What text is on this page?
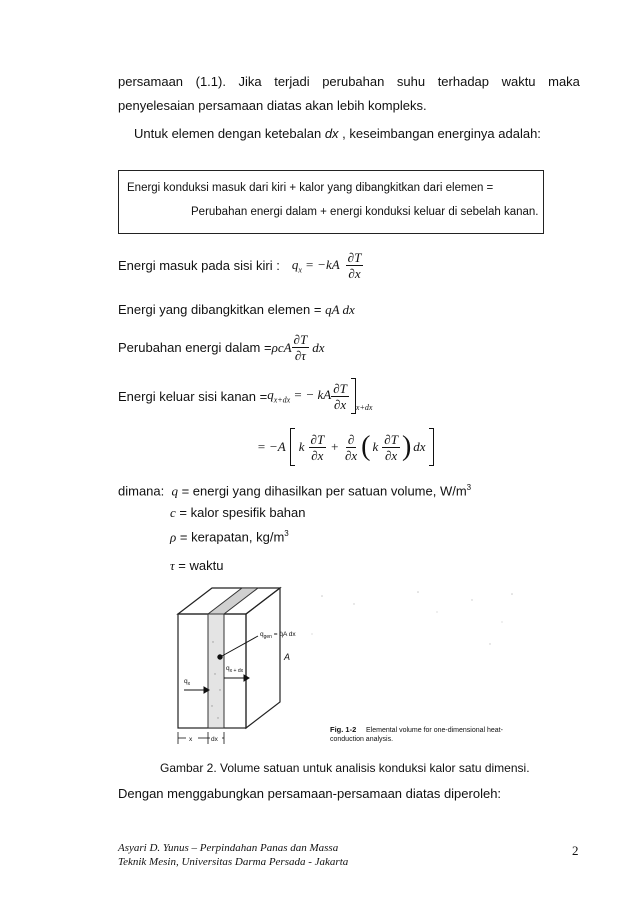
persamaan (1.1). Jika terjadi perubahan suhu terhadap waktu maka
penyelesaian persamaan diatas akan lebih kompleks.
Untuk elemen dengan ketebalan dx , keseimbangan energinya adalah:
Energi konduksi masuk dari kiri + kalor yang dibangkitkan dari elemen =
Perubahan energi dalam + energi konduksi keluar di sebelah kanan.
Energi masuk pada sisi kiri : $q_x = -kA \frac{\partial T}{\partial x}$
Energi yang dibangkitkan elemen = qA dx
Perubahan energi dalam = ρcA $\frac{\partial T}{\partial\tau}$ dx
Energi keluar sisi kanan = $q_{x+dx}$ = − kA $\frac{\partial T}{\partial x} x+dx$
= −A k $\frac{\partial T}{\partial x} + \frac{\partial}{\partial x}$ ( k $\frac{\partial T}{\partial x}$ ) dx
dimana: q = energi yang dihasilkan per satuan volume, $W/m^3$
c = kalor spesifik bahan
ρ = kerapatan, $kg/m^3$
τ = waktu
$q_{gen}$ = q̇A dx
A
$q_x$
$q_{x + dx}$
x	dx
Fig. 1-2 Elemental volume for one-dimensional heat-
conduction analysis.
Gambar 2. Volume satuan untuk analisis konduksi kalor satu dimensi.
Dengan menggabungkan persamaan-persamaan diatas diperoleh:
Asyari D. Yunus – Perpindahan Panas dan Massa
Teknik Mesin, Universitas Darma Persada - Jakarta
2
